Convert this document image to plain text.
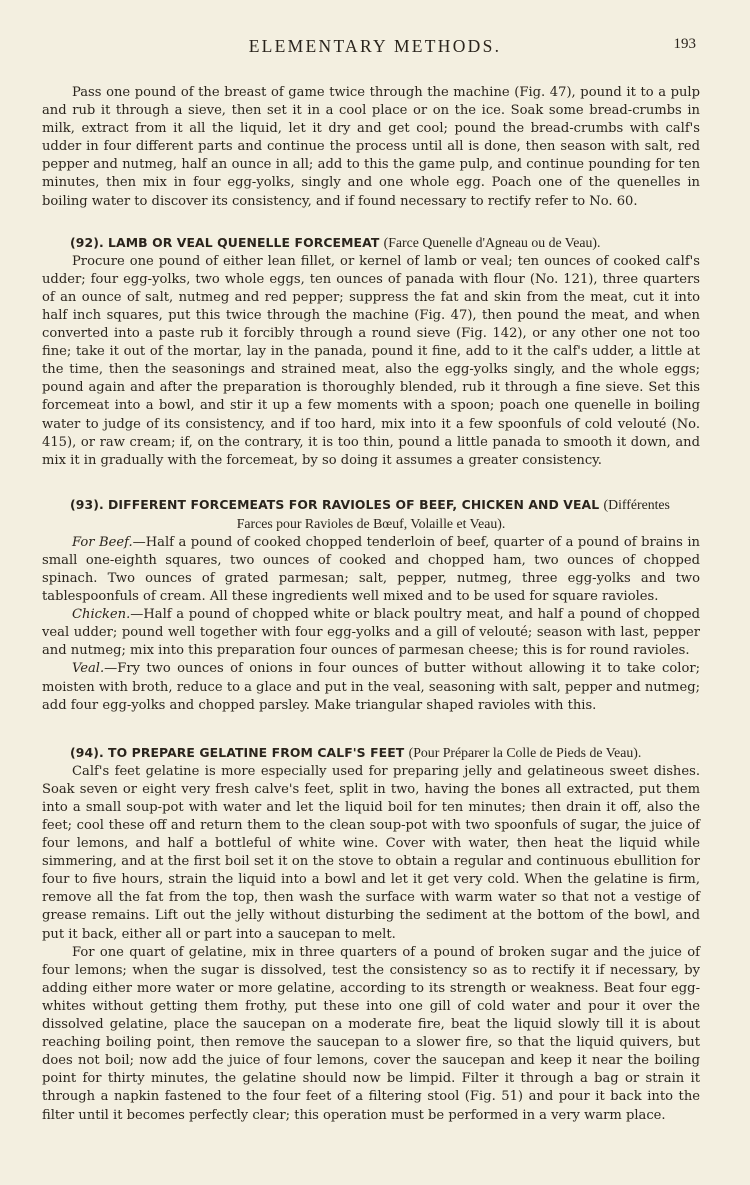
ELEMENTARY METHODS.	193

Pass one pound of the breast of game twice through the machine (Fig. 47), pound it to a pulp and rub it through a sieve, then set it in a cool place or on the ice. Soak some bread-crumbs in milk, extract from it all the liquid, let it dry and get cool; pound the bread-crumbs with calf's udder in four different parts and continue the process until all is done, then season with salt, red pepper and nutmeg, half an ounce in all; add to this the game pulp, and continue pounding for ten minutes, then mix in four egg-yolks, singly and one whole egg. Poach one of the quenelles in boiling water to discover its consistency, and if found necessary to rectify refer to No. 60.

(92). LAMB OR VEAL QUENELLE FORCEMEAT (Farce Quenelle d'Agneau ou de Veau).

Procure one pound of either lean fillet, or kernel of lamb or veal; ten ounces of cooked calf's udder; four egg-yolks, two whole eggs, ten ounces of panada with flour (No. 121), three quarters of an ounce of salt, nutmeg and red pepper; suppress the fat and skin from the meat, cut it into half inch squares, put this twice through the machine (Fig. 47), then pound the meat, and when converted into a paste rub it forcibly through a round sieve (Fig. 142), or any other one not too fine; take it out of the mortar, lay in the panada, pound it fine, add to it the calf's udder, a little at the time, then the seasonings and strained meat, also the egg-yolks singly, and the whole eggs; pound again and after the preparation is thoroughly blended, rub it through a fine sieve. Set this forcemeat into a bowl, and stir it up a few moments with a spoon; poach one quenelle in boiling water to judge of its consistency, and if too hard, mix into it a few spoonfuls of cold velouté (No. 415), or raw cream; if, on the contrary, it is too thin, pound a little panada to smooth it down, and mix it in gradually with the forcemeat, by so doing it assumes a greater consistency.

(93). DIFFERENT FORCEMEATS FOR RAVIOLES OF BEEF, CHICKEN AND VEAL (Différentes
Farces pour Ravioles de Bœuf, Volaille et Veau).

For Beef.—Half a pound of cooked chopped tenderloin of beef, quarter of a pound of brains in small one-eighth squares, two ounces of cooked and chopped ham, two ounces of chopped spinach. Two ounces of grated parmesan; salt, pepper, nutmeg, three egg-yolks and two tablespoonfuls of cream. All these ingredients well mixed and to be used for square ravioles.

Chicken.—Half a pound of chopped white or black poultry meat, and half a pound of chopped veal udder; pound well together with four egg-yolks and a gill of velouté; season with last, pepper and nutmeg; mix into this preparation four ounces of parmesan cheese; this is for round ravioles.

Veal.—Fry two ounces of onions in four ounces of butter without allowing it to take color; moisten with broth, reduce to a glace and put in the veal, seasoning with salt, pepper and nutmeg; add four egg-yolks and chopped parsley. Make triangular shaped ravioles with this.

(94). TO PREPARE GELATINE FROM CALF'S FEET (Pour Préparer la Colle de Pieds de Veau).

Calf's feet gelatine is more especially used for preparing jelly and gelatineous sweet dishes. Soak seven or eight very fresh calve's feet, split in two, having the bones all extracted, put them into a small soup-pot with water and let the liquid boil for ten minutes; then drain it off, also the feet; cool these off and return them to the clean soup-pot with two spoonfuls of sugar, the juice of four lemons, and half a bottleful of white wine. Cover with water, then heat the liquid while simmering, and at the first boil set it on the stove to obtain a regular and continuous ebullition for four to five hours, strain the liquid into a bowl and let it get very cold. When the gelatine is firm, remove all the fat from the top, then wash the surface with warm water so that not a vestige of grease remains. Lift out the jelly without disturbing the sediment at the bottom of the bowl, and put it back, either all or part into a saucepan to melt.

For one quart of gelatine, mix in three quarters of a pound of broken sugar and the juice of four lemons; when the sugar is dissolved, test the consistency so as to rectify it if necessary, by adding either more water or more gelatine, according to its strength or weakness. Beat four egg-whites without getting them frothy, put these into one gill of cold water and pour it over the dissolved gelatine, place the saucepan on a moderate fire, beat the liquid slowly till it is about reaching boiling point, then remove the saucepan to a slower fire, so that the liquid quivers, but does not boil; now add the juice of four lemons, cover the saucepan and keep it near the boiling point for thirty minutes, the gelatine should now be limpid. Filter it through a bag or strain it through a napkin fastened to the four feet of a filtering stool (Fig. 51) and pour it back into the filter until it becomes perfectly clear; this operation must be performed in a very warm place.
